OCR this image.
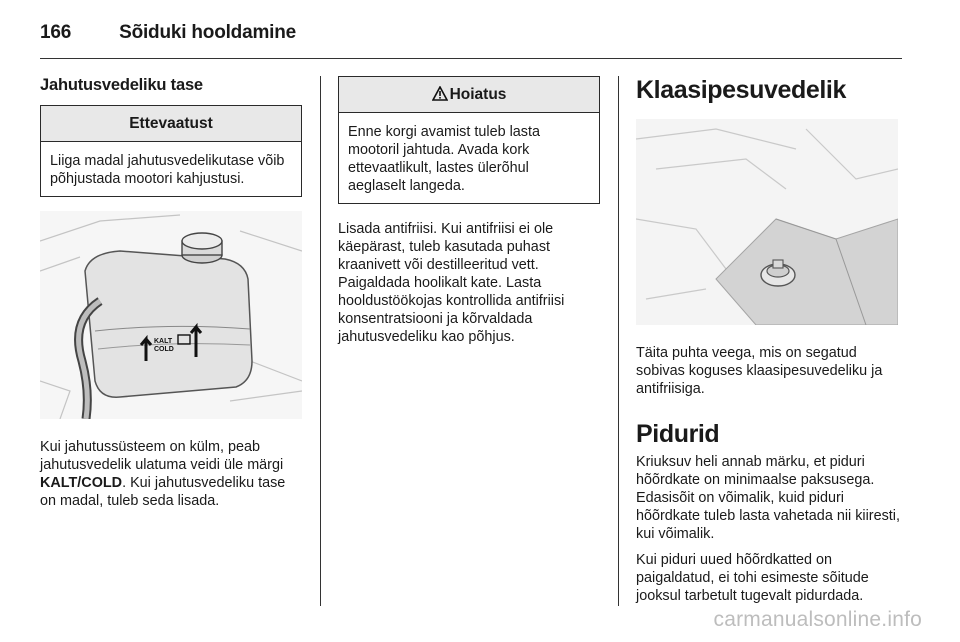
166	Sõiduki hooldamine
Jahutusvedeliku tase
Ettevaatust
Liiga madal jahutusvedelikutase võib põhjustada mootori kahjustusi.
KALT
COLD

Kui jahutussüsteem on külm, peab jahutusvedelik ulatuma veidi üle märgi KALT/COLD. Kui jahutusvedeliku tase on madal, tuleb seda lisada.

Hoiatus
Enne korgi avamist tuleb lasta mootoril jahtuda. Avada kork ettevaatlikult, lastes ülerõhul aeglaselt langeda.

Lisada antifriisi. Kui antifriisi ei ole käepärast, tuleb kasutada puhast kraanivett või destilleeritud vett. Paigaldada hoolikalt kate. Lasta hooldustöökojas kontrollida antifriisi konsentratsiooni ja kõrvaldada jahutusvedeliku kao põhjus.

Klaasipesuvedelik

Täita puhta veega, mis on segatud sobivas koguses klaasipesuvedeliku ja antifriisiga.

Pidurid

Kriuksuv heli annab märku, et piduri hõõrdkate on minimaalse paksusega. Edasisõit on võimalik, kuid piduri hõõrdkate tuleb lasta vahetada nii kiiresti, kui võimalik.

Kui piduri uued hõõrdkatted on paigaldatud, ei tohi esimeste sõitude jooksul tarbetult tugevalt pidurdada.

carmanualsonline.info
